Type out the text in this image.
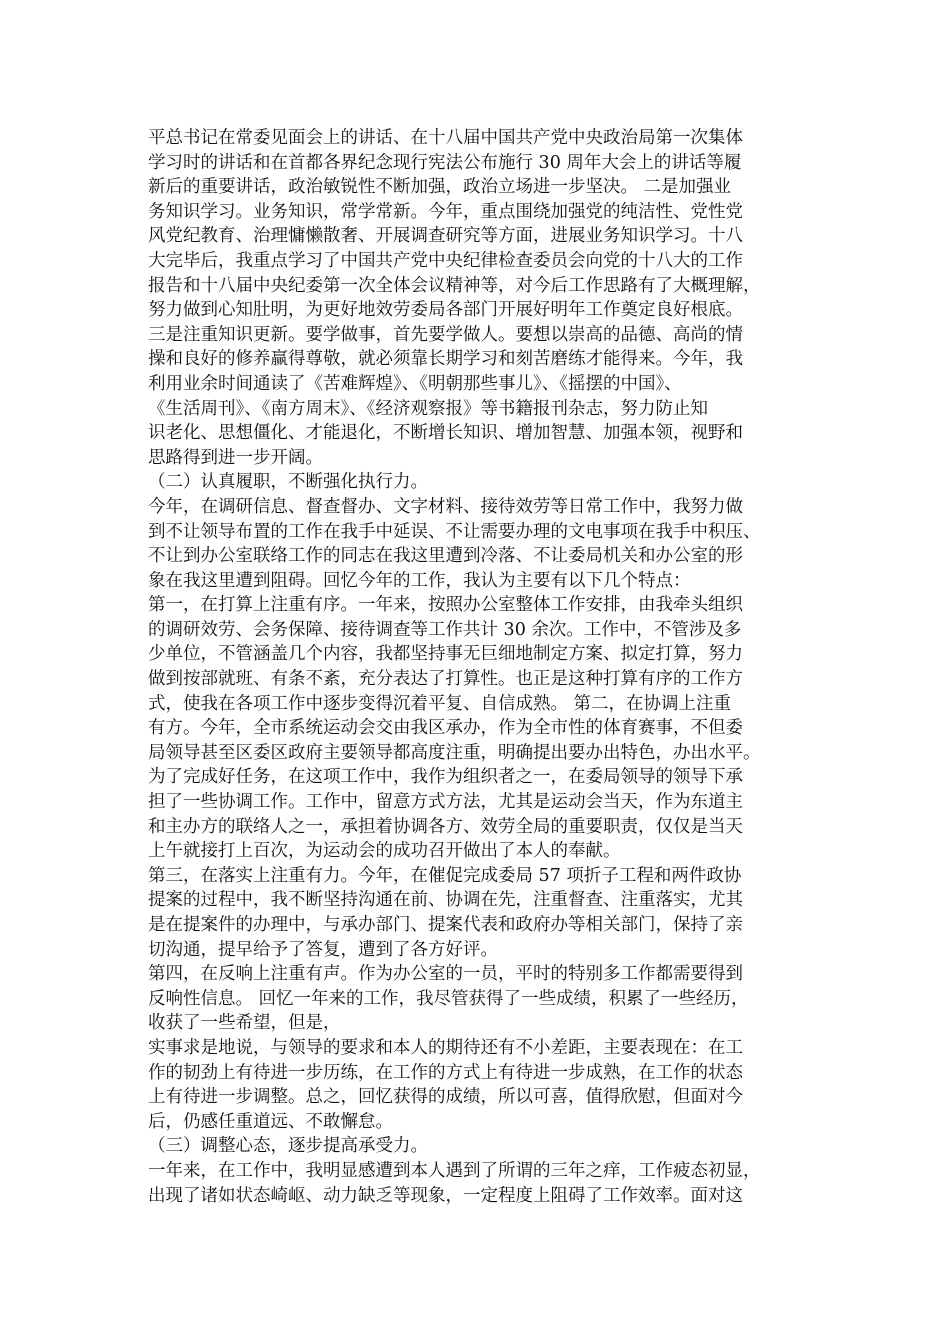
平总书记在常委见面会上的讲话、在十八届中国共产党中央政治局第一次集体
学习时的讲话和在首都各界纪念现行宪法公布施行 30 周年大会上的讲话等履
新后的重要讲话，政治敏锐性不断加强，政治立场进一步坚决。 二是加强业
务知识学习。业务知识，常学常新。今年，重点围绕加强党的纯洁性、党性党
风党纪教育、治理慵懒散奢、开展调查研究等方面，进展业务知识学习。十八
大完毕后，我重点学习了中国共产党中央纪律检查委员会向党的十八大的工作
报告和十八届中央纪委第一次全体会议精神等，对今后工作思路有了大概理解，
努力做到心知肚明，为更好地效劳委局各部门开展好明年工作奠定良好根底。
三是注重知识更新。要学做事，首先要学做人。要想以崇高的品德、高尚的情
操和良好的修养赢得尊敬，就必须靠长期学习和刻苦磨练才能得来。今年，我
利用业余时间通读了《苦难辉煌》、《明朝那些事儿》、《摇摆的中国》、
《生活周刊》、《南方周末》、《经济观察报》等书籍报刊杂志，努力防止知
识老化、思想僵化、才能退化，不断增长知识、增加智慧、加强本领，视野和
思路得到进一步开阔。
（二）认真履职，不断强化执行力。
今年，在调研信息、督查督办、文字材料、接待效劳等日常工作中，我努力做
到不让领导布置的工作在我手中延误、不让需要办理的文电事项在我手中积压、
不让到办公室联络工作的同志在我这里遭到冷落、不让委局机关和办公室的形
象在我这里遭到阻碍。回忆今年的工作，我认为主要有以下几个特点：
第一，在打算上注重有序。一年来，按照办公室整体工作安排，由我牵头组织
的调研效劳、会务保障、接待调查等工作共计 30 余次。工作中，不管涉及多
少单位，不管涵盖几个内容，我都坚持事无巨细地制定方案、拟定打算，努力
做到按部就班、有条不紊，充分表达了打算性。也正是这种打算有序的工作方
式，使我在各项工作中逐步变得沉着平复、自信成熟。 第二，在协调上注重
有方。今年，全市系统运动会交由我区承办，作为全市性的体育赛事，不但委
局领导甚至区委区政府主要领导都高度注重，明确提出要办出特色，办出水平。
为了完成好任务，在这项工作中，我作为组织者之一，在委局领导的领导下承
担了一些协调工作。工作中，留意方式方法，尤其是运动会当天，作为东道主
和主办方的联络人之一，承担着协调各方、效劳全局的重要职责，仅仅是当天
上午就接打上百次，为运动会的成功召开做出了本人的奉献。
第三，在落实上注重有力。今年，在催促完成委局 57 项折子工程和两件政协
提案的过程中，我不断坚持沟通在前、协调在先，注重督查、注重落实，尤其
是在提案件的办理中，与承办部门、提案代表和政府办等相关部门，保持了亲
切沟通，提早给予了答复，遭到了各方好评。
第四，在反响上注重有声。作为办公室的一员，平时的特别多工作都需要得到
反响性信息。 回忆一年来的工作，我尽管获得了一些成绩，积累了一些经历，
收获了一些希望，但是，
实事求是地说，与领导的要求和本人的期待还有不小差距，主要表现在：在工
作的韧劲上有待进一步历练，在工作的方式上有待进一步成熟，在工作的状态
上有待进一步调整。总之，回忆获得的成绩，所以可喜，值得欣慰，但面对今
后，仍感任重道远、不敢懈怠。
（三）调整心态，逐步提高承受力。
一年来，在工作中，我明显感遭到本人遇到了所谓的三年之痒，工作疲态初显，
出现了诸如状态崎岖、动力缺乏等现象，一定程度上阻碍了工作效率。面对这
